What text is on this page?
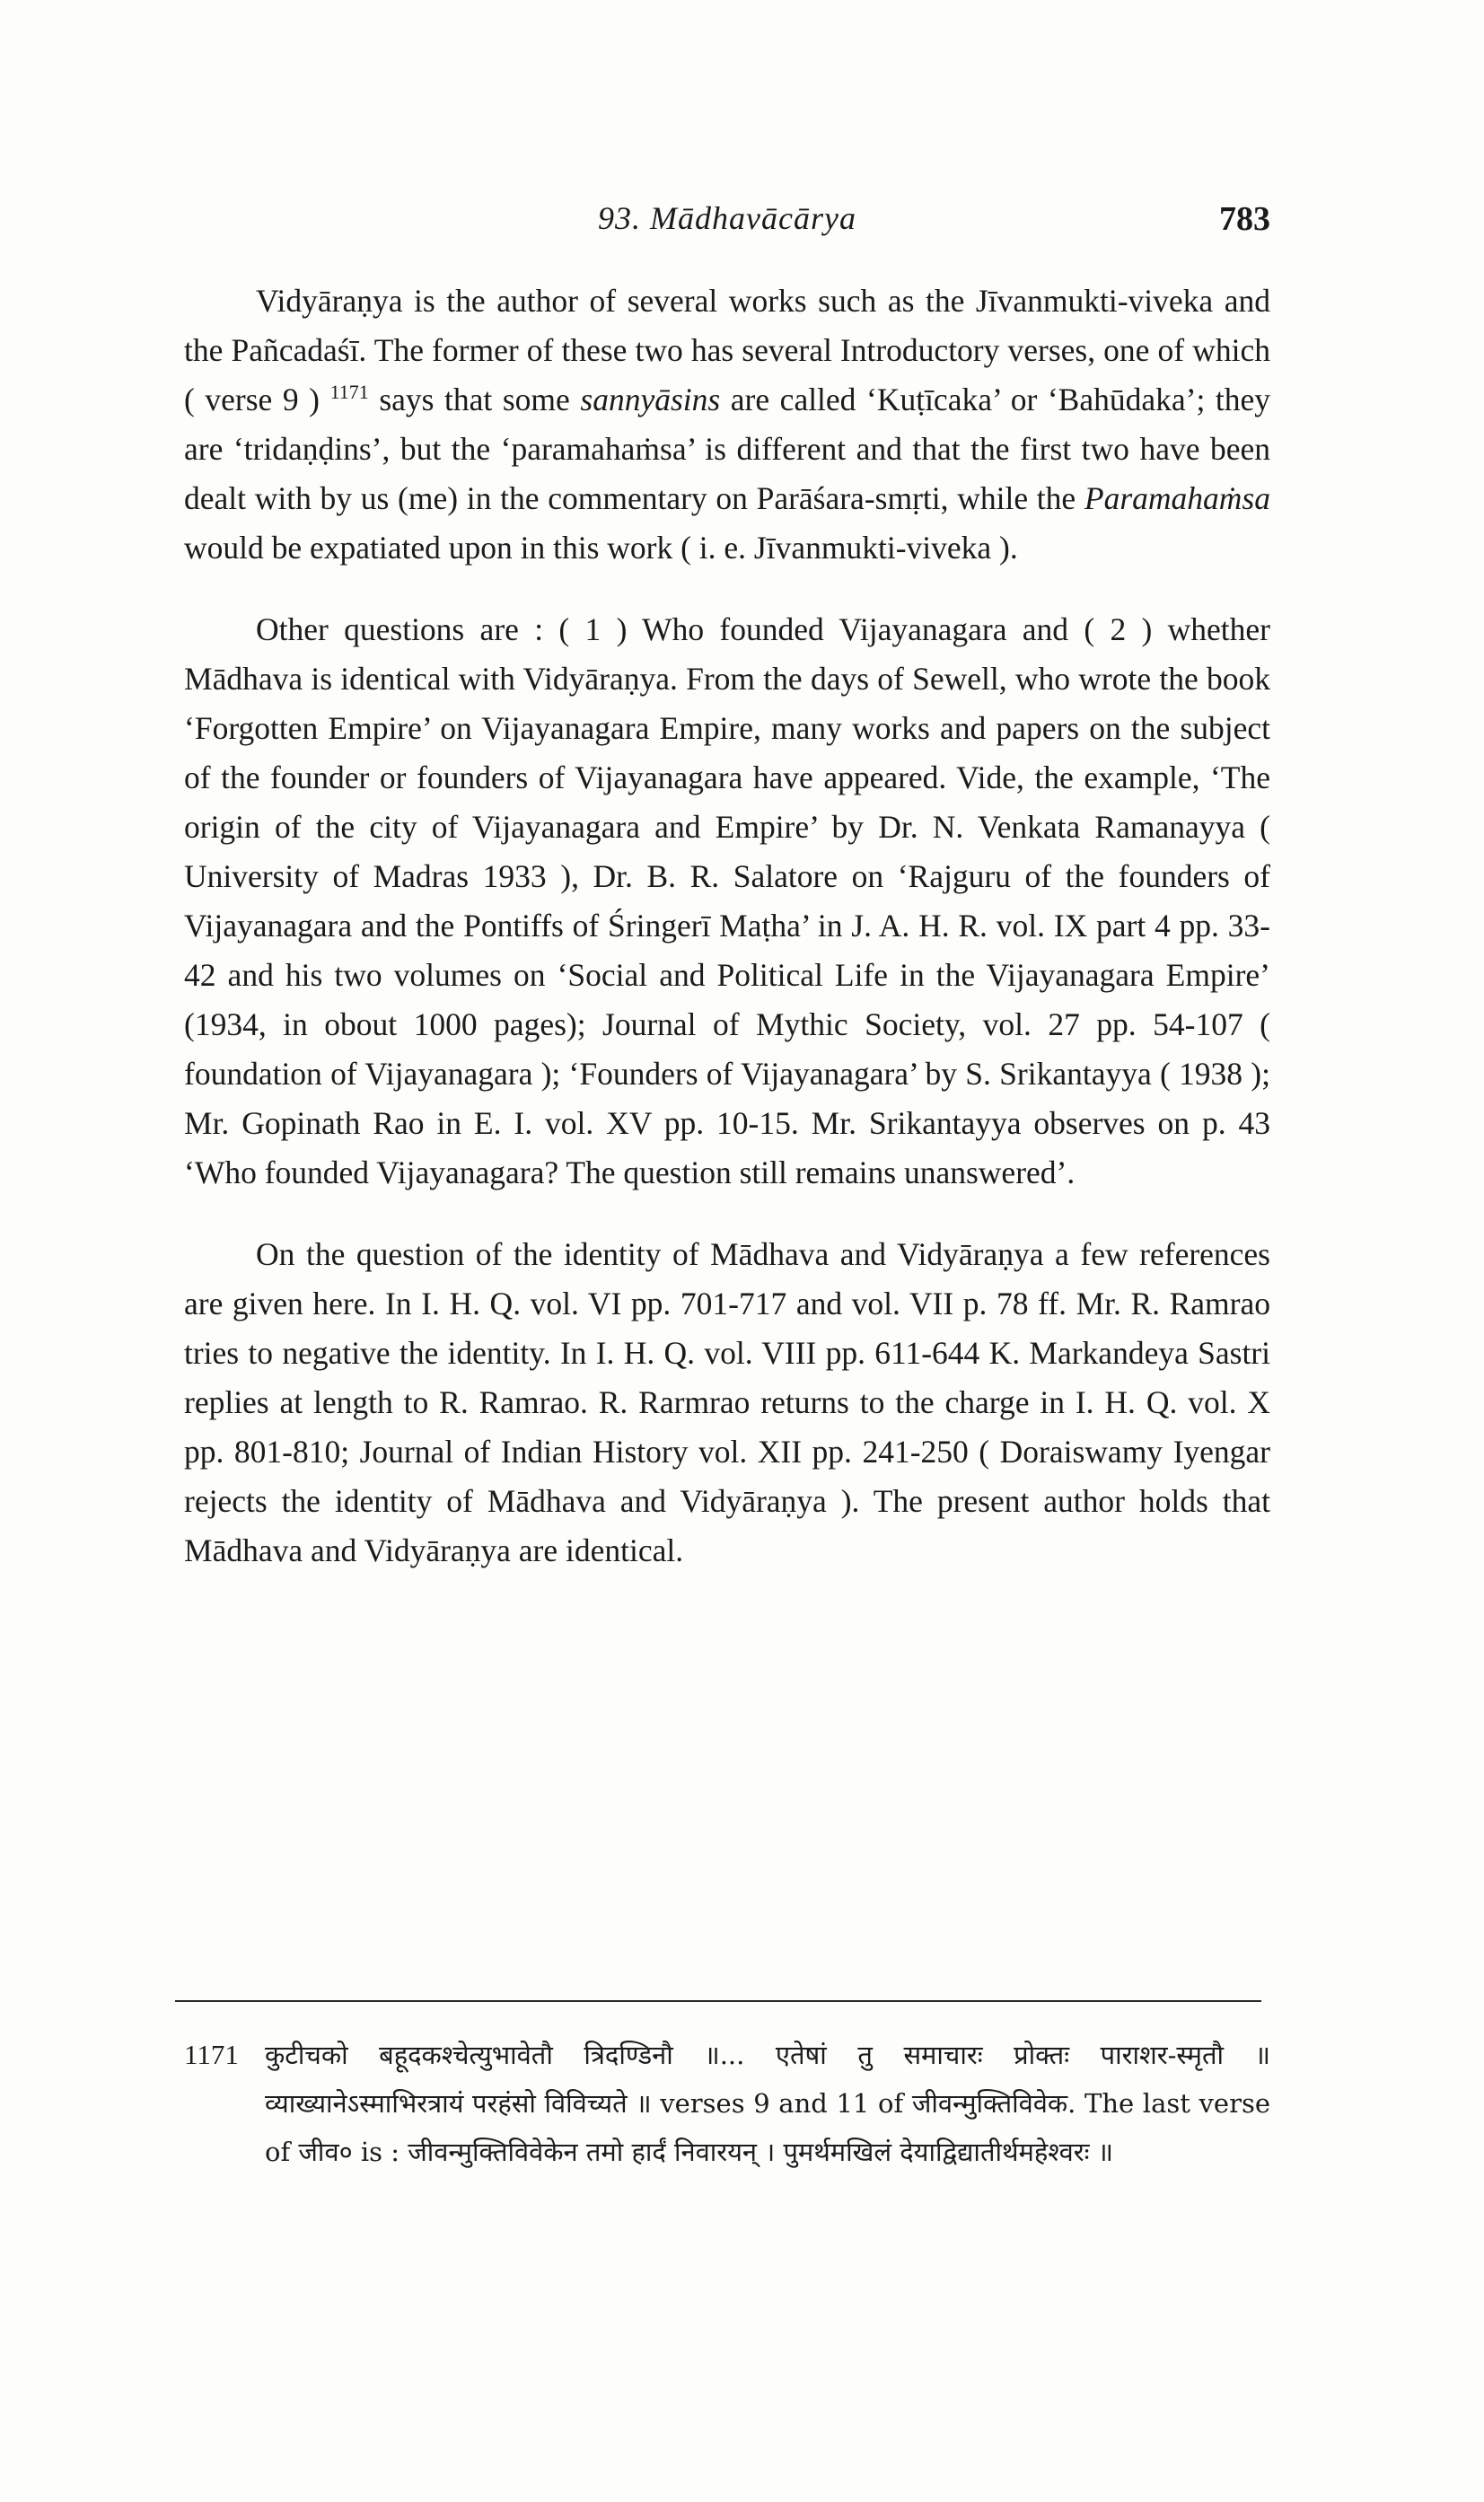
93. Mādhavācārya	783

Vidyāraṇya is the author of several works such as the Jīvanmukti-viveka and the Pañcadaśī. The former of these two has several Introductory verses, one of which ( verse 9 ) $^{1171}$ says that some sannyāsins are called ‘Kuṭīcaka’ or ‘Bahūdaka’; they are ‘tridaṇḍins’, but the ‘paramahaṁsa’ is different and that the first two have been dealt with by us (me) in the commentary on Parāśara-smṛti, while the Paramahaṁsa would be expatiated upon in this work ( i. e. Jīvanmukti-viveka ).

Other questions are : ( 1 ) Who founded Vijayanagara and ( 2 ) whether Mādhava is identical with Vidyāraṇya. From the days of Sewell, who wrote the book ‘Forgotten Empire’ on Vijayanagara Empire, many works and papers on the subject of the founder or founders of Vijayanagara have appeared. Vide, the example, ‘The origin of the city of Vijayanagara and Empire’ by Dr. N. Venkata Ramanayya ( University of Madras 1933 ), Dr. B. R. Salatore on ‘Rajguru of the founders of Vijayanagara and the Pontiffs of Śringerī Maṭha’ in J. A. H. R. vol. IX part 4 pp. 33-42 and his two volumes on ‘Social and Political Life in the Vijayanagara Empire’ (1934, in obout 1000 pages); Journal of Mythic Society, vol. 27 pp. 54-107 ( foundation of Vijayanagara ); ‘Founders of Vijayanagara’ by S. Srikantayya ( 1938 ); Mr. Gopinath Rao in E. I. vol. XV pp. 10-15. Mr. Srikantayya observes on p. 43 ‘Who founded Vijayanagara? The question still remains unanswered’.

On the question of the identity of Mādhava and Vidyāraṇya a few references are given here. In I. H. Q. vol. VI pp. 701-717 and vol. VII p. 78 ff. Mr. R. Ramrao tries to negative the identity. In I. H. Q. vol. VIII pp. 611-644 K. Markandeya Sastri replies at length to R. Ramrao. R. Rarmrao returns to the charge in I. H. Q. vol. X pp. 801-810; Journal of Indian History vol. XII pp. 241-250 ( Doraiswamy Iyengar rejects the identity of Mādhava and Vidyāraṇya ). The present author holds that Mādhava and Vidyāraṇya are identical.

1171	कुटीचको बहूदकश्चेत्युभावेतौ त्रिदण्डिनौ ॥... एतेषां तु समाचारः प्रोक्तः पाराशर-स्मृतौ ॥ व्याख्यानेऽस्माभिरत्रायं परहंसो विविच्यते ॥ verses 9 and 11 of जीवन्मुक्तिविवेक. The last verse of जीव० is : जीवन्मुक्तिविवेकेन तमो हार्दं निवारयन् । पुमर्थमखिलं देयाद्विद्यातीर्थमहेश्वरः ॥
